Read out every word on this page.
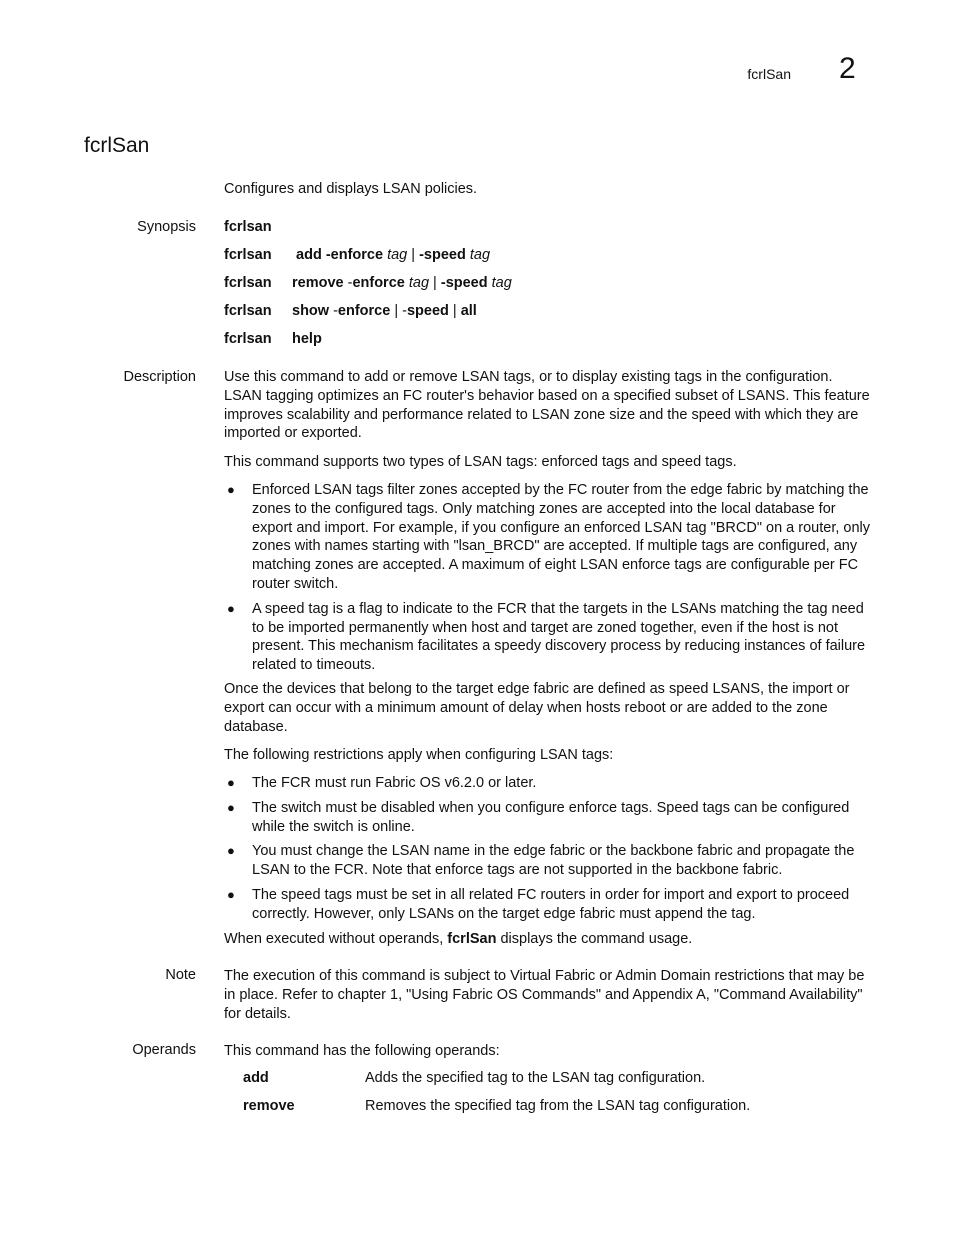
fcrlSan 2
fcrlSan
Configures and displays LSAN policies.
Synopsis fcrlsan
fcrlsan add -enforce tag | -speed tag
fcrlsan remove -enforce tag | -speed tag
fcrlsan show -enforce | -speed | all
fcrlsan help
Description Use this command to add or remove LSAN tags, or to display existing tags in the configuration. LSAN tagging optimizes an FC router's behavior based on a specified subset of LSANS. This feature improves scalability and performance related to LSAN zone size and the speed with which they are imported or exported.
This command supports two types of LSAN tags: enforced tags and speed tags.
● Enforced LSAN tags filter zones accepted by the FC router from the edge fabric by matching the zones to the configured tags. Only matching zones are accepted into the local database for export and import. For example, if you configure an enforced LSAN tag "BRCD" on a router, only zones with names starting with "lsan_BRCD" are accepted. If multiple tags are configured, any matching zones are accepted. A maximum of eight LSAN enforce tags are configurable per FC router switch.
● A speed tag is a flag to indicate to the FCR that the targets in the LSANs matching the tag need to be imported permanently when host and target are zoned together, even if the host is not present. This mechanism facilitates a speedy discovery process by reducing instances of failure related to timeouts.
Once the devices that belong to the target edge fabric are defined as speed LSANS, the import or export can occur with a minimum amount of delay when hosts reboot or are added to the zone database.
The following restrictions apply when configuring LSAN tags:
● The FCR must run Fabric OS v6.2.0 or later.
● The switch must be disabled when you configure enforce tags. Speed tags can be configured while the switch is online.
● You must change the LSAN name in the edge fabric or the backbone fabric and propagate the LSAN to the FCR. Note that enforce tags are not supported in the backbone fabric.
● The speed tags must be set in all related FC routers in order for import and export to proceed correctly. However, only LSANs on the target edge fabric must append the tag.
When executed without operands, fcrlSan displays the command usage.
Note The execution of this command is subject to Virtual Fabric or Admin Domain restrictions that may be in place. Refer to chapter 1, "Using Fabric OS Commands" and Appendix A, "Command Availability" for details.
Operands This command has the following operands:
add	Adds the specified tag to the LSAN tag configuration.
remove	Removes the specified tag from the LSAN tag configuration.
